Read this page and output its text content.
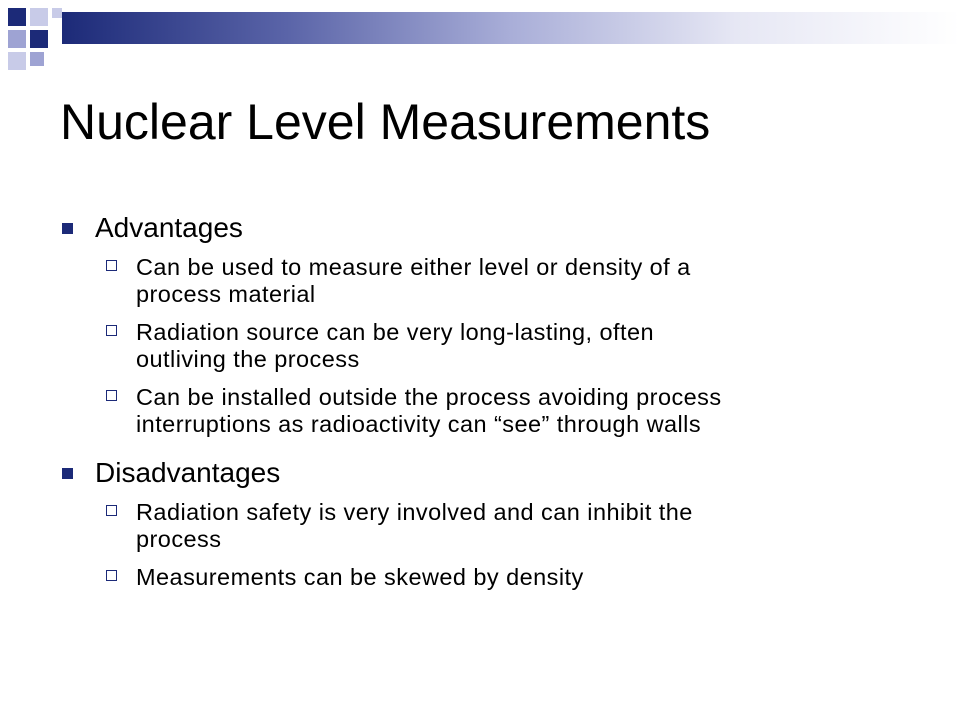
Nuclear Level Measurements
Advantages
Can be used to measure either level or density of a
process material
Radiation source can be very long-lasting, often
outliving the process
Can be installed outside the process avoiding process
interruptions as radioactivity can “see” through walls
Disadvantages
Radiation safety is very involved and can inhibit the
process
Measurements can be skewed by density
